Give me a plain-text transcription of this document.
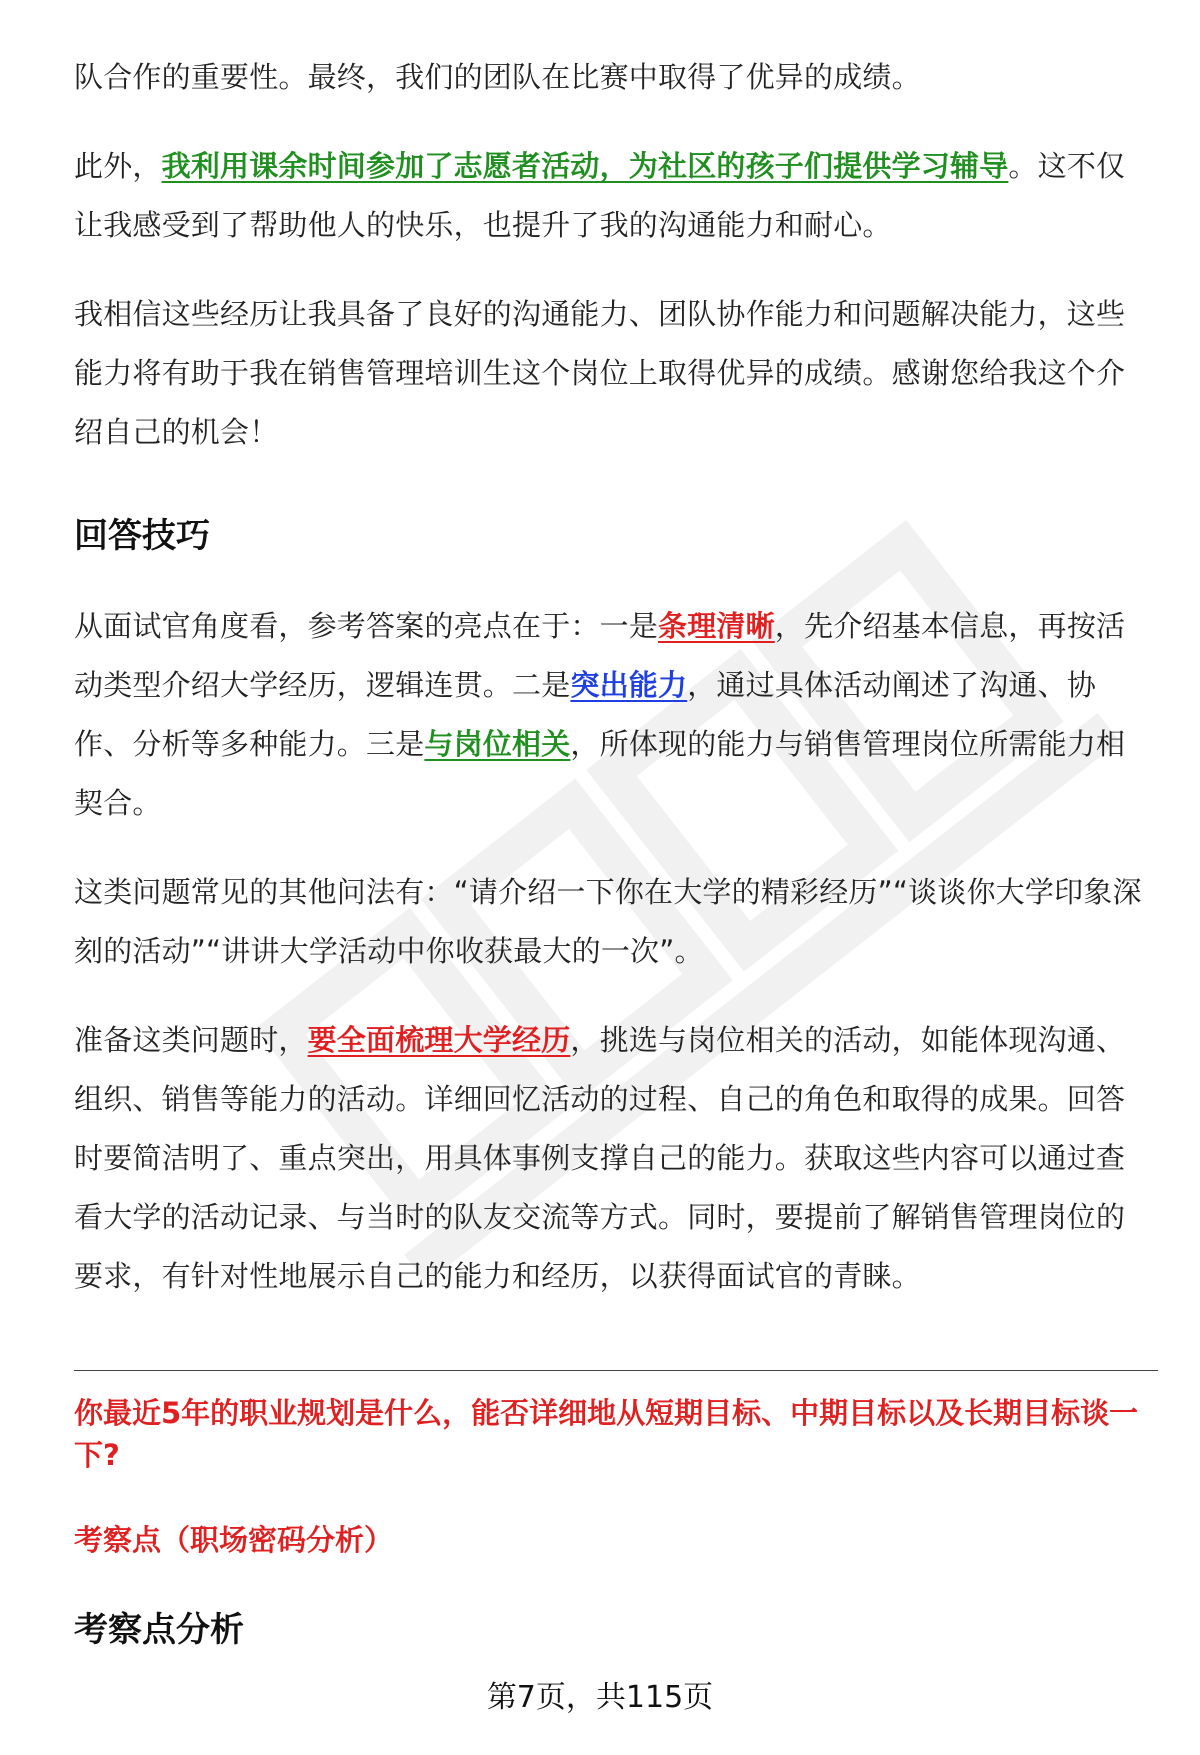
队合作的重要性。最终，我们的团队在比赛中取得了优异的成绩。

此外，我利用课余时间参加了志愿者活动，为社区的孩子们提供学习辅导。这不仅让我感受到了帮助他人的快乐，也提升了我的沟通能力和耐心。

我相信这些经历让我具备了良好的沟通能力、团队协作能力和问题解决能力，这些能力将有助于我在销售管理培训生这个岗位上取得优异的成绩。感谢您给我这个介绍自己的机会！

回答技巧

从面试官角度看，参考答案的亮点在于：一是条理清晰，先介绍基本信息，再按活动类型介绍大学经历，逻辑连贯。二是突出能力，通过具体活动阐述了沟通、协作、分析等多种能力。三是与岗位相关，所体现的能力与销售管理岗位所需能力相契合。

这类问题常见的其他问法有：“请介绍一下你在大学的精彩经历”“谈谈你大学印象深刻的活动”“讲讲大学活动中你收获最大的一次”。

准备这类问题时，要全面梳理大学经历，挑选与岗位相关的活动，如能体现沟通、组织、销售等能力的活动。详细回忆活动的过程、自己的角色和取得的成果。回答时要简洁明了、重点突出，用具体事例支撑自己的能力。获取这些内容可以通过查看大学的活动记录、与当时的队友交流等方式。同时，要提前了解销售管理岗位的要求，有针对性地展示自己的能力和经历，以获得面试官的青睐。

你最近5年的职业规划是什么，能否详细地从短期目标、中期目标以及长期目标谈一下?
考察点（职场密码分析）
考察点分析
第7页，共115页
